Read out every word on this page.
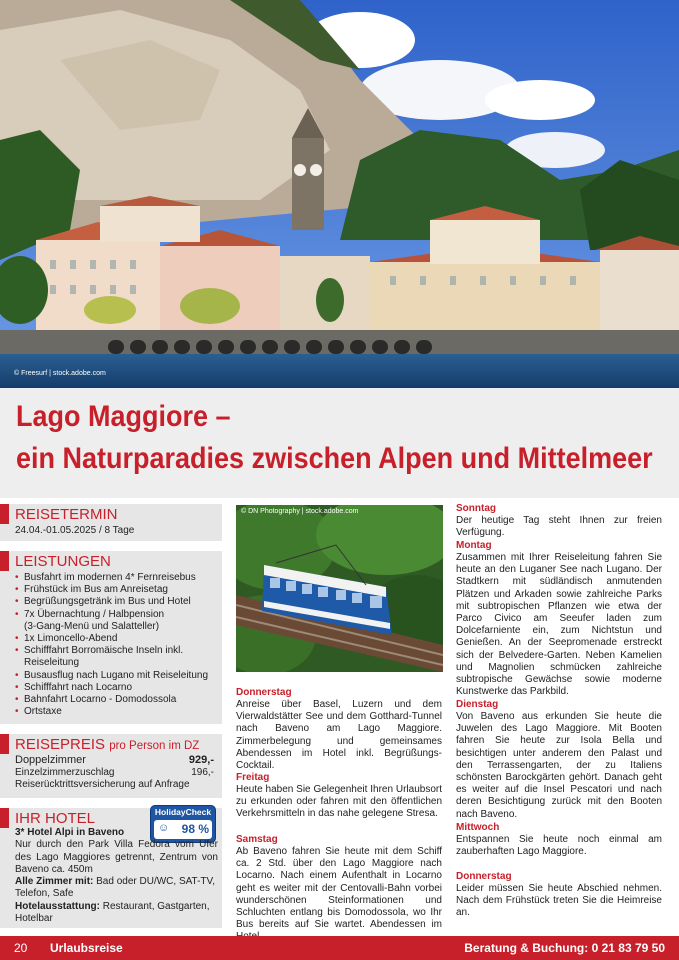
© Freesurf | stock.adobe.com
Lago Maggiore –
ein Naturparadies zwischen Alpen und Mittelmeer
REISETERMIN
24.04.-01.05.2025 / 8 Tage
LEISTUNGEN
• Busfahrt im modernen 4* Fernreisebus
• Frühstück im Bus am Anreisetag
• Begrüßungsgetränk im Bus und Hotel
• 7x Übernachtung / Halbpension
(3-Gang-Menü und Salatteller)
• 1x Limoncello-Abend
• Schifffahrt Borromäische Inseln inkl.
Reiseleitung
• Busausflug nach Lugano mit Reiseleitung
• Schifffahrt nach Locarno
• Bahnfahrt Locarno - Domodossola
• Ortstaxe
REISEPREIS pro Person im DZ
Doppelzimmer	929,-
Einzelzimmerzuschlag	196,-
Reiserücktrittsversicherung auf Anfrage
IHR HOTEL	HolidayCheck
☺ 98 %
3* Hotel Alpi in Baveno
Nur durch den Park Villa Fedora vom Ufer des Lago Maggiores getrennt, Zentrum von Baveno ca. 450m
Alle Zimmer mit: Bad oder DU/WC, SAT-TV, Telefon, Safe
Hotelausstattung: Restaurant, Gastgarten, Hotelbar
© DN Photography | stock.adobe.com
Donnerstag
Anreise über Basel, Luzern und dem Vierwaldstätter See und dem Gotthard-Tunnel nach Baveno am Lago Maggiore. Zimmerbelegung und gemeinsames Abendessen im Hotel inkl. Begrüßungs-Cocktail.
Freitag
Heute haben Sie Gelegenheit Ihren Urlaubsort zu erkunden oder fahren mit den öffentlichen Verkehrsmitteln in das nahe gelegene Stresa.
Samstag
Ab Baveno fahren Sie heute mit dem Schiff ca. 2 Std. über den Lago Maggiore nach Locarno. Nach einem Aufenthalt in Locarno geht es weiter mit der Centovalli-Bahn vorbei wunderschönen Steinformationen und Schluchten entlang bis Domodossola, wo Ihr Bus bereits auf Sie wartet. Abendessen im
Sonntag
Der heutige Tag steht Ihnen zur freien Verfügung.
Montag
Zusammen mit Ihrer Reiseleitung fahren Sie heute an den Luganer See nach Lugano. Der Stadtkern mit südländisch anmutenden Plätzen und Arkaden sowie zahlreiche Parks mit subtropischen Pflanzen wie etwa der Parco Civico am Seeufer laden zum Dolcefarniente ein, zum Nichtstun und Genießen. An der Seepromenade erstreckt sich der Belvedere-Garten. Neben Kamelien und Magnolien schmücken zahlreiche subtropische Gewächse sowie moderne Kunstwerke das Parkbild.
Dienstag
Von Baveno aus erkunden Sie heute die Juwelen des Lago Maggiore. Mit Booten fahren Sie heute zur Isola Bella und besichtigen unter anderem den Palast und den Terrassengarten, der zu Italiens schönsten Barockgärten gehört. Danach geht es weiter auf die Insel Pescatori und nach deren Besichtigung zurück mit den Booten nach Baveno.
Mittwoch
Entspannen Sie heute noch einmal am zauberhaften Lago Maggiore.
Donnerstag
Leider müssen Sie heute Abschied nehmen. Nach dem Frühstück treten Sie die Heimreise an.
20 Urlaubsreise	Beratung & Buchung: 0 21 83 79 50
